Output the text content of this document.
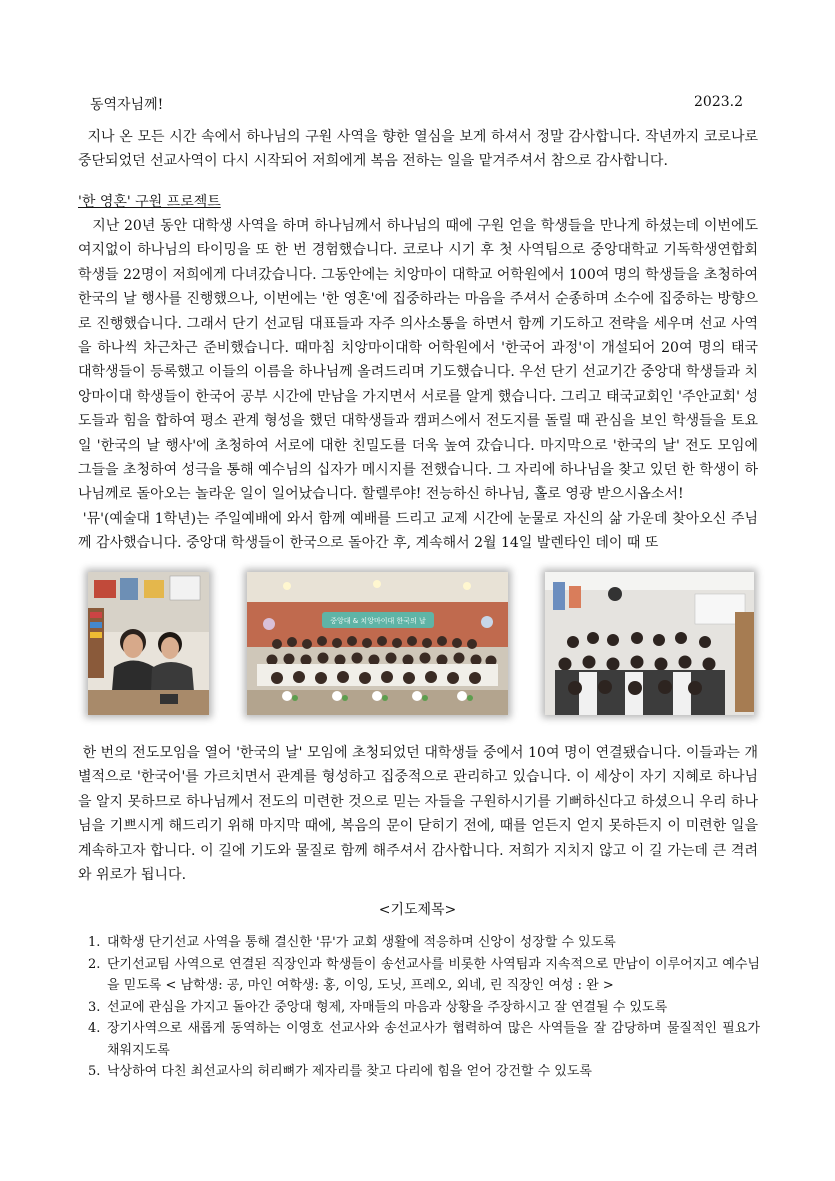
동역자님께!	2023.2

지나 온 모든 시간 속에서 하나님의 구원 사역을 향한 열심을 보게 하셔서 정말 감사합니다. 작년까지 코로나로 중단되었던 선교사역이 다시 시작되어 저희에게 복음 전하는 일을 맡겨주셔서 참으로 감사합니다.

'한 영혼' 구원 프로젝트
지난 20년 동안 대학생 사역을 하며 하나님께서 하나님의 때에 구원 얻을 학생들을 만나게 하셨는데 이번에도 여지없이 하나님의 타이밍을 또 한 번 경험했습니다. 코로나 시기 후 첫 사역팀으로 중앙대학교 기독학생연합회 학생들 22명이 저희에게 다녀갔습니다. 그동안에는 치앙마이 대학교 어학원에서 100여 명의 학생들을 초청하여 한국의 날 행사를 진행했으나, 이번에는 '한 영혼'에 집중하라는 마음을 주셔서 순종하며 소수에 집중하는 방향으로 진행했습니다. 그래서 단기 선교팀 대표들과 자주 의사소통을 하면서 함께 기도하고 전략을 세우며 선교 사역을 하나씩 차근차근 준비했습니다. 때마침 치앙마이대학 어학원에서 '한국어 과정'이 개설되어 20여 명의 태국 대학생들이 등록했고 이들의 이름을 하나님께 올려드리며 기도했습니다. 우선 단기 선교기간 중앙대 학생들과 치앙마이대 학생들이 한국어 공부 시간에 만남을 가지면서 서로를 알게 했습니다. 그리고 태국교회인 '주안교회' 성도들과 힘을 합하여 평소 관계 형성을 했던 대학생들과 캠퍼스에서 전도지를 돌릴 때 관심을 보인 학생들을 토요일 '한국의 날 행사'에 초청하여 서로에 대한 친밀도를 더욱 높여 갔습니다. 마지막으로 '한국의 날' 전도 모임에 그들을 초청하여 성극을 통해 예수님의 십자가 메시지를 전했습니다. 그 자리에 하나님을 찾고 있던 한 학생이 하나님께로 돌아오는 놀라운 일이 일어났습니다. 할렐루야! 전능하신 하나님, 홀로 영광 받으시옵소서!
'뮤'(예술대 1학년)는 주일예배에 와서 함께 예배를 드리고 교제 시간에 눈물로 자신의 삶 가운데 찾아오신 주님께 감사했습니다. 중앙대 학생들이 한국으로 돌아간 후, 계속해서 2월 14일 발렌타인 데이 때 또
중앙대 & 치앙마이대 한국의 날
한 번의 전도모임을 열어 '한국의 날' 모임에 초청되었던 대학생들 중에서 10여 명이 연결됐습니다. 이들과는 개별적으로 '한국어'를 가르치면서 관계를 형성하고 집중적으로 관리하고 있습니다. 이 세상이 자기 지혜로 하나님을 알지 못하므로 하나님께서 전도의 미련한 것으로 믿는 자들을 구원하시기를 기뻐하신다고 하셨으니 우리 하나님을 기쁘시게 해드리기 위해 마지막 때에, 복음의 문이 닫히기 전에, 때를 얻든지 얻지 못하든지 이 미련한 일을 계속하고자 합니다. 이 길에 기도와 물질로 함께 해주셔서 감사합니다. 저희가 지치지 않고 이 길 가는데 큰 격려와 위로가 됩니다.
<기도제목>
1. 대학생 단기선교 사역을 통해 결신한 '뮤'가 교회 생활에 적응하며 신앙이 성장할 수 있도록
2. 단기선교팀 사역으로 연결된 직장인과 학생들이 송선교사를 비롯한 사역팀과 지속적으로 만남이 이루어지고 예수님을 믿도록 < 남학생: 공, 마인 여학생: 홍, 이잉, 도닛, 프레오, 외네, 린 직장인 여성 : 완 >
3. 선교에 관심을 가지고 돌아간 중앙대 형제, 자매들의 마음과 상황을 주장하시고 잘 연결될 수 있도록
4. 장기사역으로 새롭게 동역하는 이영호 선교사와 송선교사가 협력하여 많은 사역들을 잘 감당하며 물질적인 필요가 채워지도록
5. 낙상하여 다친 최선교사의 허리뼈가 제자리를 찾고 다리에 힘을 얻어 강건할 수 있도록
